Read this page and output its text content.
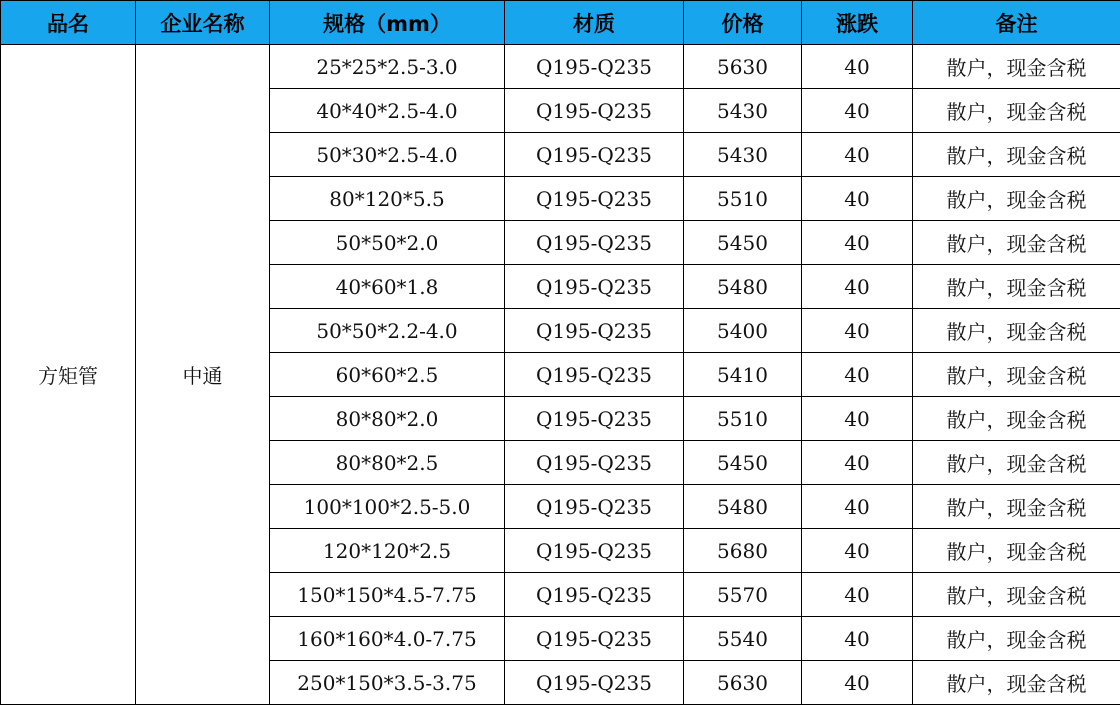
品名	企业名称	规格（mm）	材质	价格	涨跌	备注
方矩管	中通	25*25*2.5-3.0	Q195-Q235	5630	40	散户，现金含税
		40*40*2.5-4.0	Q195-Q235	5430	40	散户，现金含税
		50*30*2.5-4.0	Q195-Q235	5430	40	散户，现金含税
		80*120*5.5	Q195-Q235	5510	40	散户，现金含税
		50*50*2.0	Q195-Q235	5450	40	散户，现金含税
		40*60*1.8	Q195-Q235	5480	40	散户，现金含税
		50*50*2.2-4.0	Q195-Q235	5400	40	散户，现金含税
		60*60*2.5	Q195-Q235	5410	40	散户，现金含税
		80*80*2.0	Q195-Q235	5510	40	散户，现金含税
		80*80*2.5	Q195-Q235	5450	40	散户，现金含税
		100*100*2.5-5.0	Q195-Q235	5480	40	散户，现金含税
		120*120*2.5	Q195-Q235	5680	40	散户，现金含税
		150*150*4.5-7.75	Q195-Q235	5570	40	散户，现金含税
		160*160*4.0-7.75	Q195-Q235	5540	40	散户，现金含税
		250*150*3.5-3.75	Q195-Q235	5630	40	散户，现金含税
